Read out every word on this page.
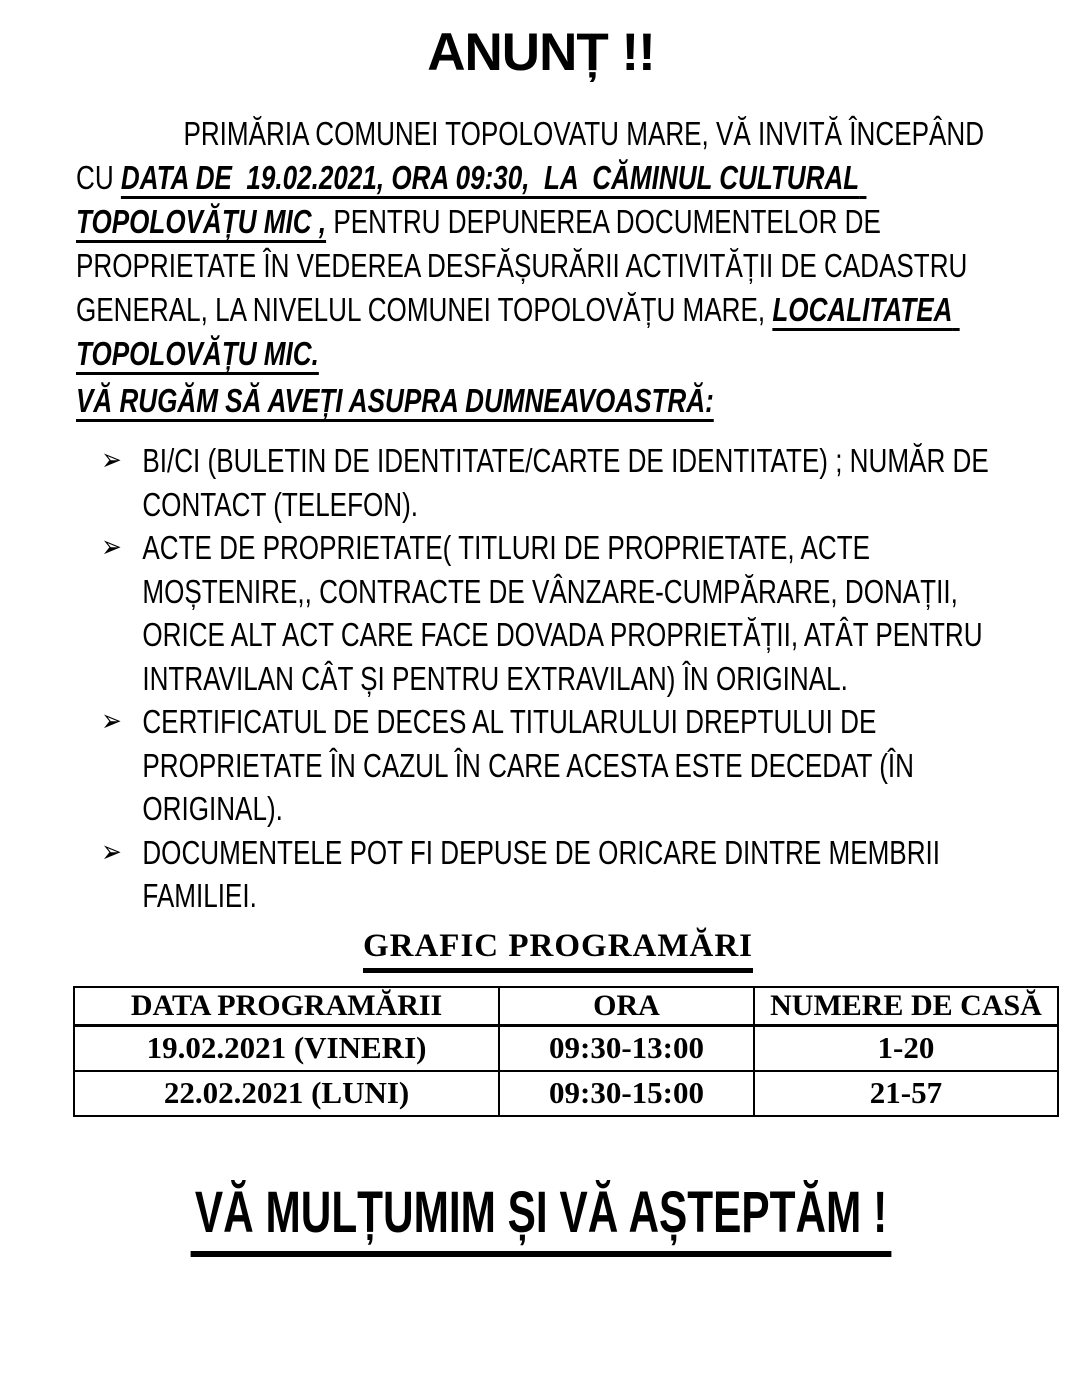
ANUNȚ !!

PRIMĂRIA COMUNEI TOPOLOVATU MARE, VĂ INVITĂ ÎNCEPÂND CU DATA DE  19.02.2021, ORA 09:30,  LA  CĂMINUL CULTURAL TOPOLOVĂȚU MIC , PENTRU DEPUNEREA DOCUMENTELOR DE PROPRIETATE ÎN VEDEREA DESFĂȘURĂRII ACTIVITĂȚII DE CADASTRU GENERAL, LA NIVELUL COMUNEI TOPOLOVĂȚU MARE, LOCALITATEA TOPOLOVĂȚU MIC.

VĂ RUGĂM SĂ AVEȚI ASUPRA DUMNEAVOASTRĂ:
➢ BI/CI (BULETIN DE IDENTITATE/CARTE DE IDENTITATE) ; NUMĂR DE CONTACT (TELEFON).
➢ ACTE DE PROPRIETATE( TITLURI DE PROPRIETATE, ACTE MOȘTENIRE,, CONTRACTE DE VÂNZARE-CUMPĂRARE, DONAȚII, ORICE ALT ACT CARE FACE DOVADA PROPRIETĂȚII, ATÂT PENTRU INTRAVILAN CÂT ȘI PENTRU EXTRAVILAN) ÎN ORIGINAL.
➢ CERTIFICATUL DE DECES AL TITULARULUI DREPTULUI DE PROPRIETATE ÎN CAZUL ÎN CARE ACESTA ESTE DECEDAT (ÎN ORIGINAL).
➢ DOCUMENTELE POT FI DEPUSE DE ORICARE DINTRE MEMBRII FAMILIEI.
GRAFIC PROGRAMĂRI
DATA PROGRAMĂRII	ORA	NUMERE DE CASĂ
19.02.2021 (VINERI)	09:30-13:00	1-20
22.02.2021 (LUNI)	09:30-15:00	21-57
VĂ MULȚUMIM ȘI VĂ AȘTEPTĂM !
